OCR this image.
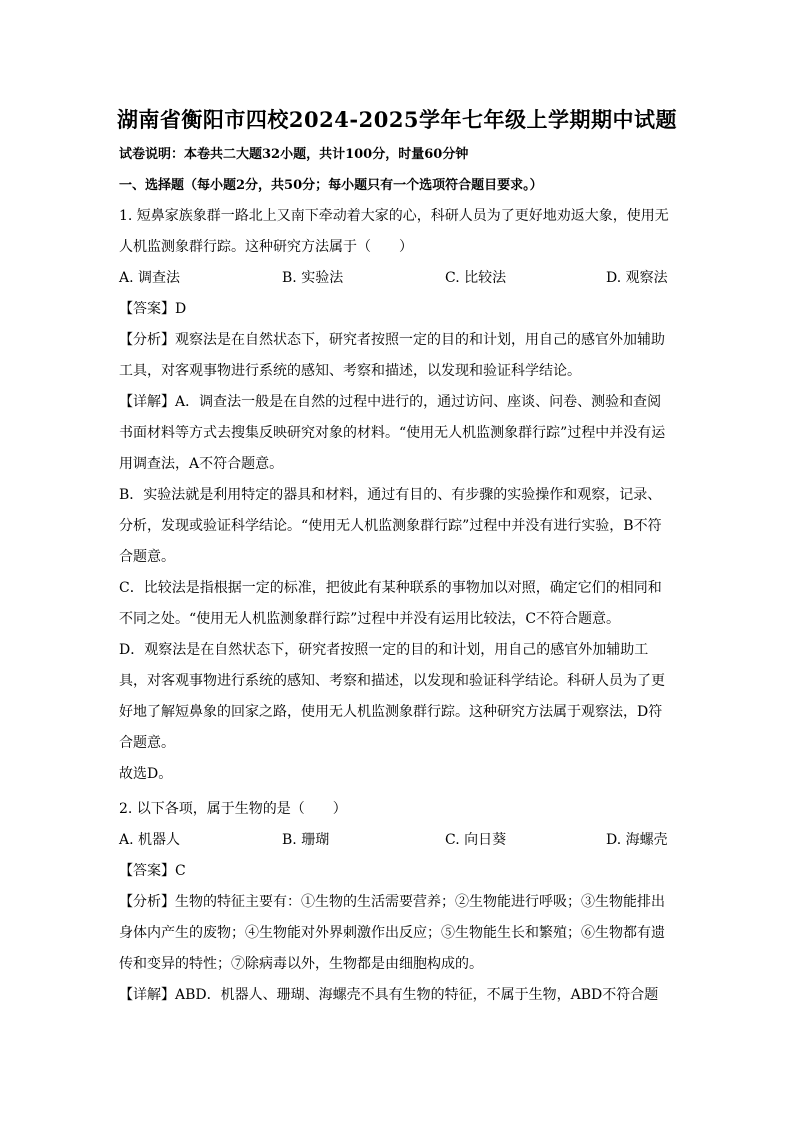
湖南省衡阳市四校2024-2025学年七年级上学期期中试题
试卷说明：本卷共二大题32小题，共计100分，时量60分钟
一、选择题（每小题2分，共50分；每小题只有一个选项符合题目要求。）
1. 短鼻家族象群一路北上又南下牵动着大家的心，科研人员为了更好地劝返大象，使用无
人机监测象群行踪。这种研究方法属于（　　）
A. 调查法	B. 实验法	C. 比较法	D. 观察法
【答案】D
【分析】观察法是在自然状态下，研究者按照一定的目的和计划，用自己的感官外加辅助
工具，对客观事物进行系统的感知、考察和描述，以发现和验证科学结论。
【详解】A．调查法一般是在自然的过程中进行的，通过访问、座谈、问卷、测验和查阅
书面材料等方式去搜集反映研究对象的材料。“使用无人机监测象群行踪”过程中并没有运
用调查法，A不符合题意。
B．实验法就是利用特定的器具和材料，通过有目的、有步骤的实验操作和观察，记录、
分析，发现或验证科学结论。“使用无人机监测象群行踪”过程中并没有进行实验，B不符
合题意。
C．比较法是指根据一定的标准，把彼此有某种联系的事物加以对照，确定它们的相同和
不同之处。“使用无人机监测象群行踪”过程中并没有运用比较法，C不符合题意。
D．观察法是在自然状态下，研究者按照一定的目的和计划，用自己的感官外加辅助工
具，对客观事物进行系统的感知、考察和描述，以发现和验证科学结论。科研人员为了更
好地了解短鼻象的回家之路，使用无人机监测象群行踪。这种研究方法属于观察法，D符
合题意。
故选D。
2. 以下各项，属于生物的是（　　）
A. 机器人	B. 珊瑚	C. 向日葵	D. 海螺壳
【答案】C
【分析】生物的特征主要有：①生物的生活需要营养；②生物能进行呼吸；③生物能排出
身体内产生的废物；④生物能对外界刺激作出反应；⑤生物能生长和繁殖；⑥生物都有遗
传和变异的特性；⑦除病毒以外，生物都是由细胞构成的。
【详解】ABD．机器人、珊瑚、海螺壳不具有生物的特征，不属于生物，ABD不符合题
